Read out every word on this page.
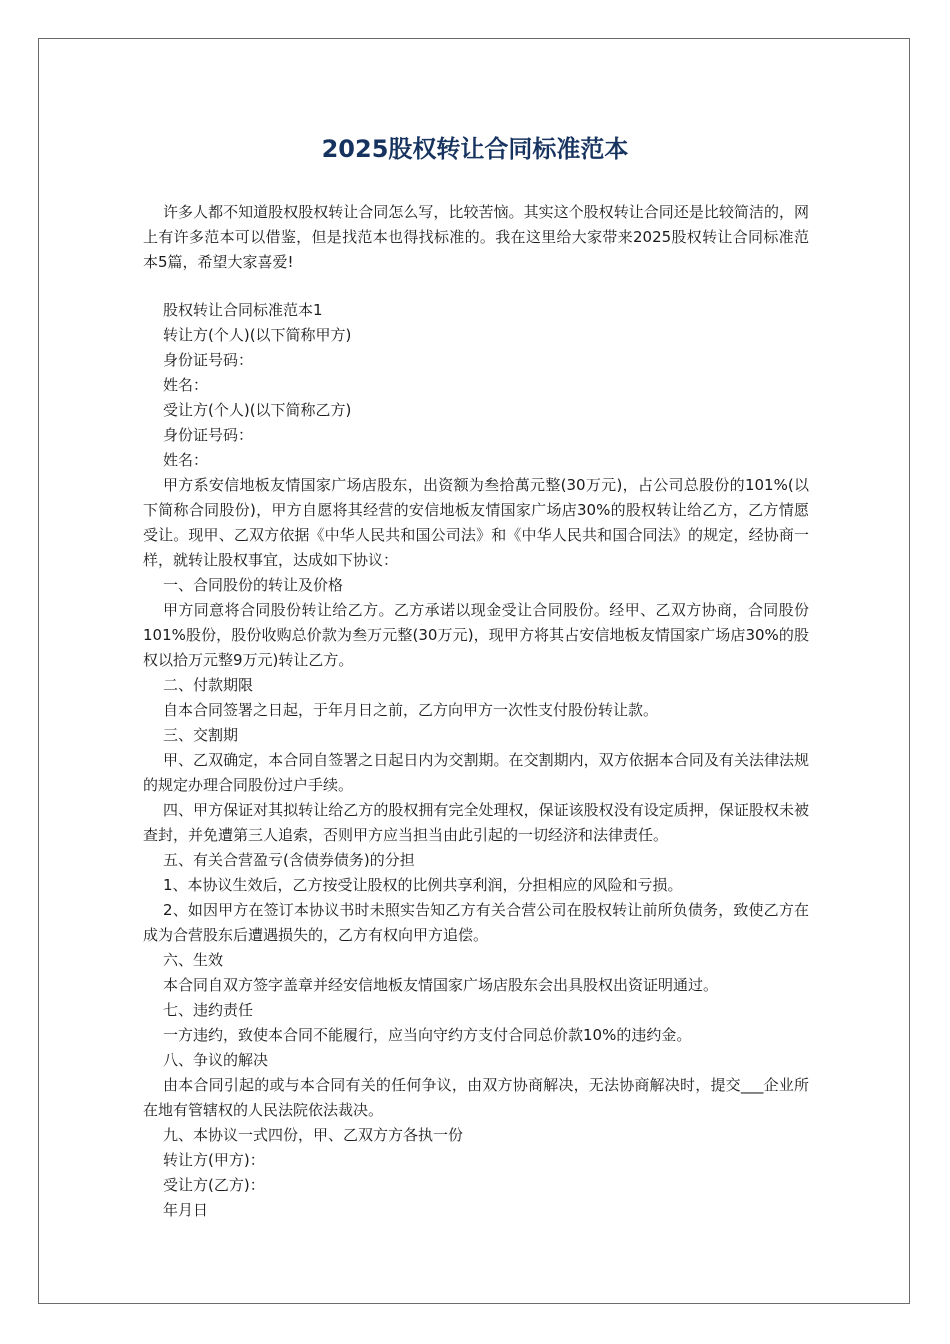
2025股权转让合同标准范本

许多人都不知道股权股权转让合同怎么写，比较苦恼。其实这个股权转让合同还是比较简洁的，网上有许多范本可以借鉴，但是找范本也得找标准的。我在这里给大家带来2025股权转让合同标准范本5篇，希望大家喜爱!

股权转让合同标准范本1

转让方(个人)(以下简称甲方)

身份证号码：

姓名：

受让方(个人)(以下简称乙方)

身份证号码：

姓名：

甲方系安信地板友情国家广场店股东，出资额为叁拾萬元整(30万元)，占公司总股份的101%(以下简称合同股份)，甲方自愿将其经营的安信地板友情国家广场店30%的股权转让给乙方，乙方情愿受让。现甲、乙双方依据《中华人民共和国公司法》和《中华人民共和国合同法》的规定，经协商一样，就转让股权事宜，达成如下协议：

一、合同股份的转让及价格

甲方同意将合同股份转让给乙方。乙方承诺以现金受让合同股份。经甲、乙双方协商，合同股份101%股份，股份收购总价款为叁万元整(30万元)，现甲方将其占安信地板友情国家广场店30%的股权以拾万元整9万元)转让乙方。

二、付款期限

自本合同签署之日起，于年月日之前，乙方向甲方一次性支付股份转让款。

三、交割期

甲、乙双确定，本合同自签署之日起日内为交割期。在交割期内，双方依据本合同及有关法律法规的规定办理合同股份过户手续。

四、甲方保证对其拟转让给乙方的股权拥有完全处理权，保证该股权没有设定质押，保证股权未被查封，并免遭第三人追索，否则甲方应当担当由此引起的一切经济和法律责任。

五、有关合营盈亏(含债券债务)的分担

1、本协议生效后，乙方按受让股权的比例共享利润，分担相应的风险和亏损。

2、如因甲方在签订本协议书时未照实告知乙方有关合营公司在股权转让前所负债务，致使乙方在成为合营股东后遭遇损失的，乙方有权向甲方追偿。

六、生效

本合同自双方签字盖章并经安信地板友情国家广场店股东会出具股权出资证明通过。

七、违约责任

一方违约，致使本合同不能履行，应当向守约方支付合同总价款10%的违约金。

八、争议的解决

由本合同引起的或与本合同有关的任何争议，由双方协商解决，无法协商解决时，提交___企业所在地有管辖权的人民法院依法裁决。

九、本协议一式四份，甲、乙双方方各执一份

转让方(甲方)：

受让方(乙方)：

年月日
